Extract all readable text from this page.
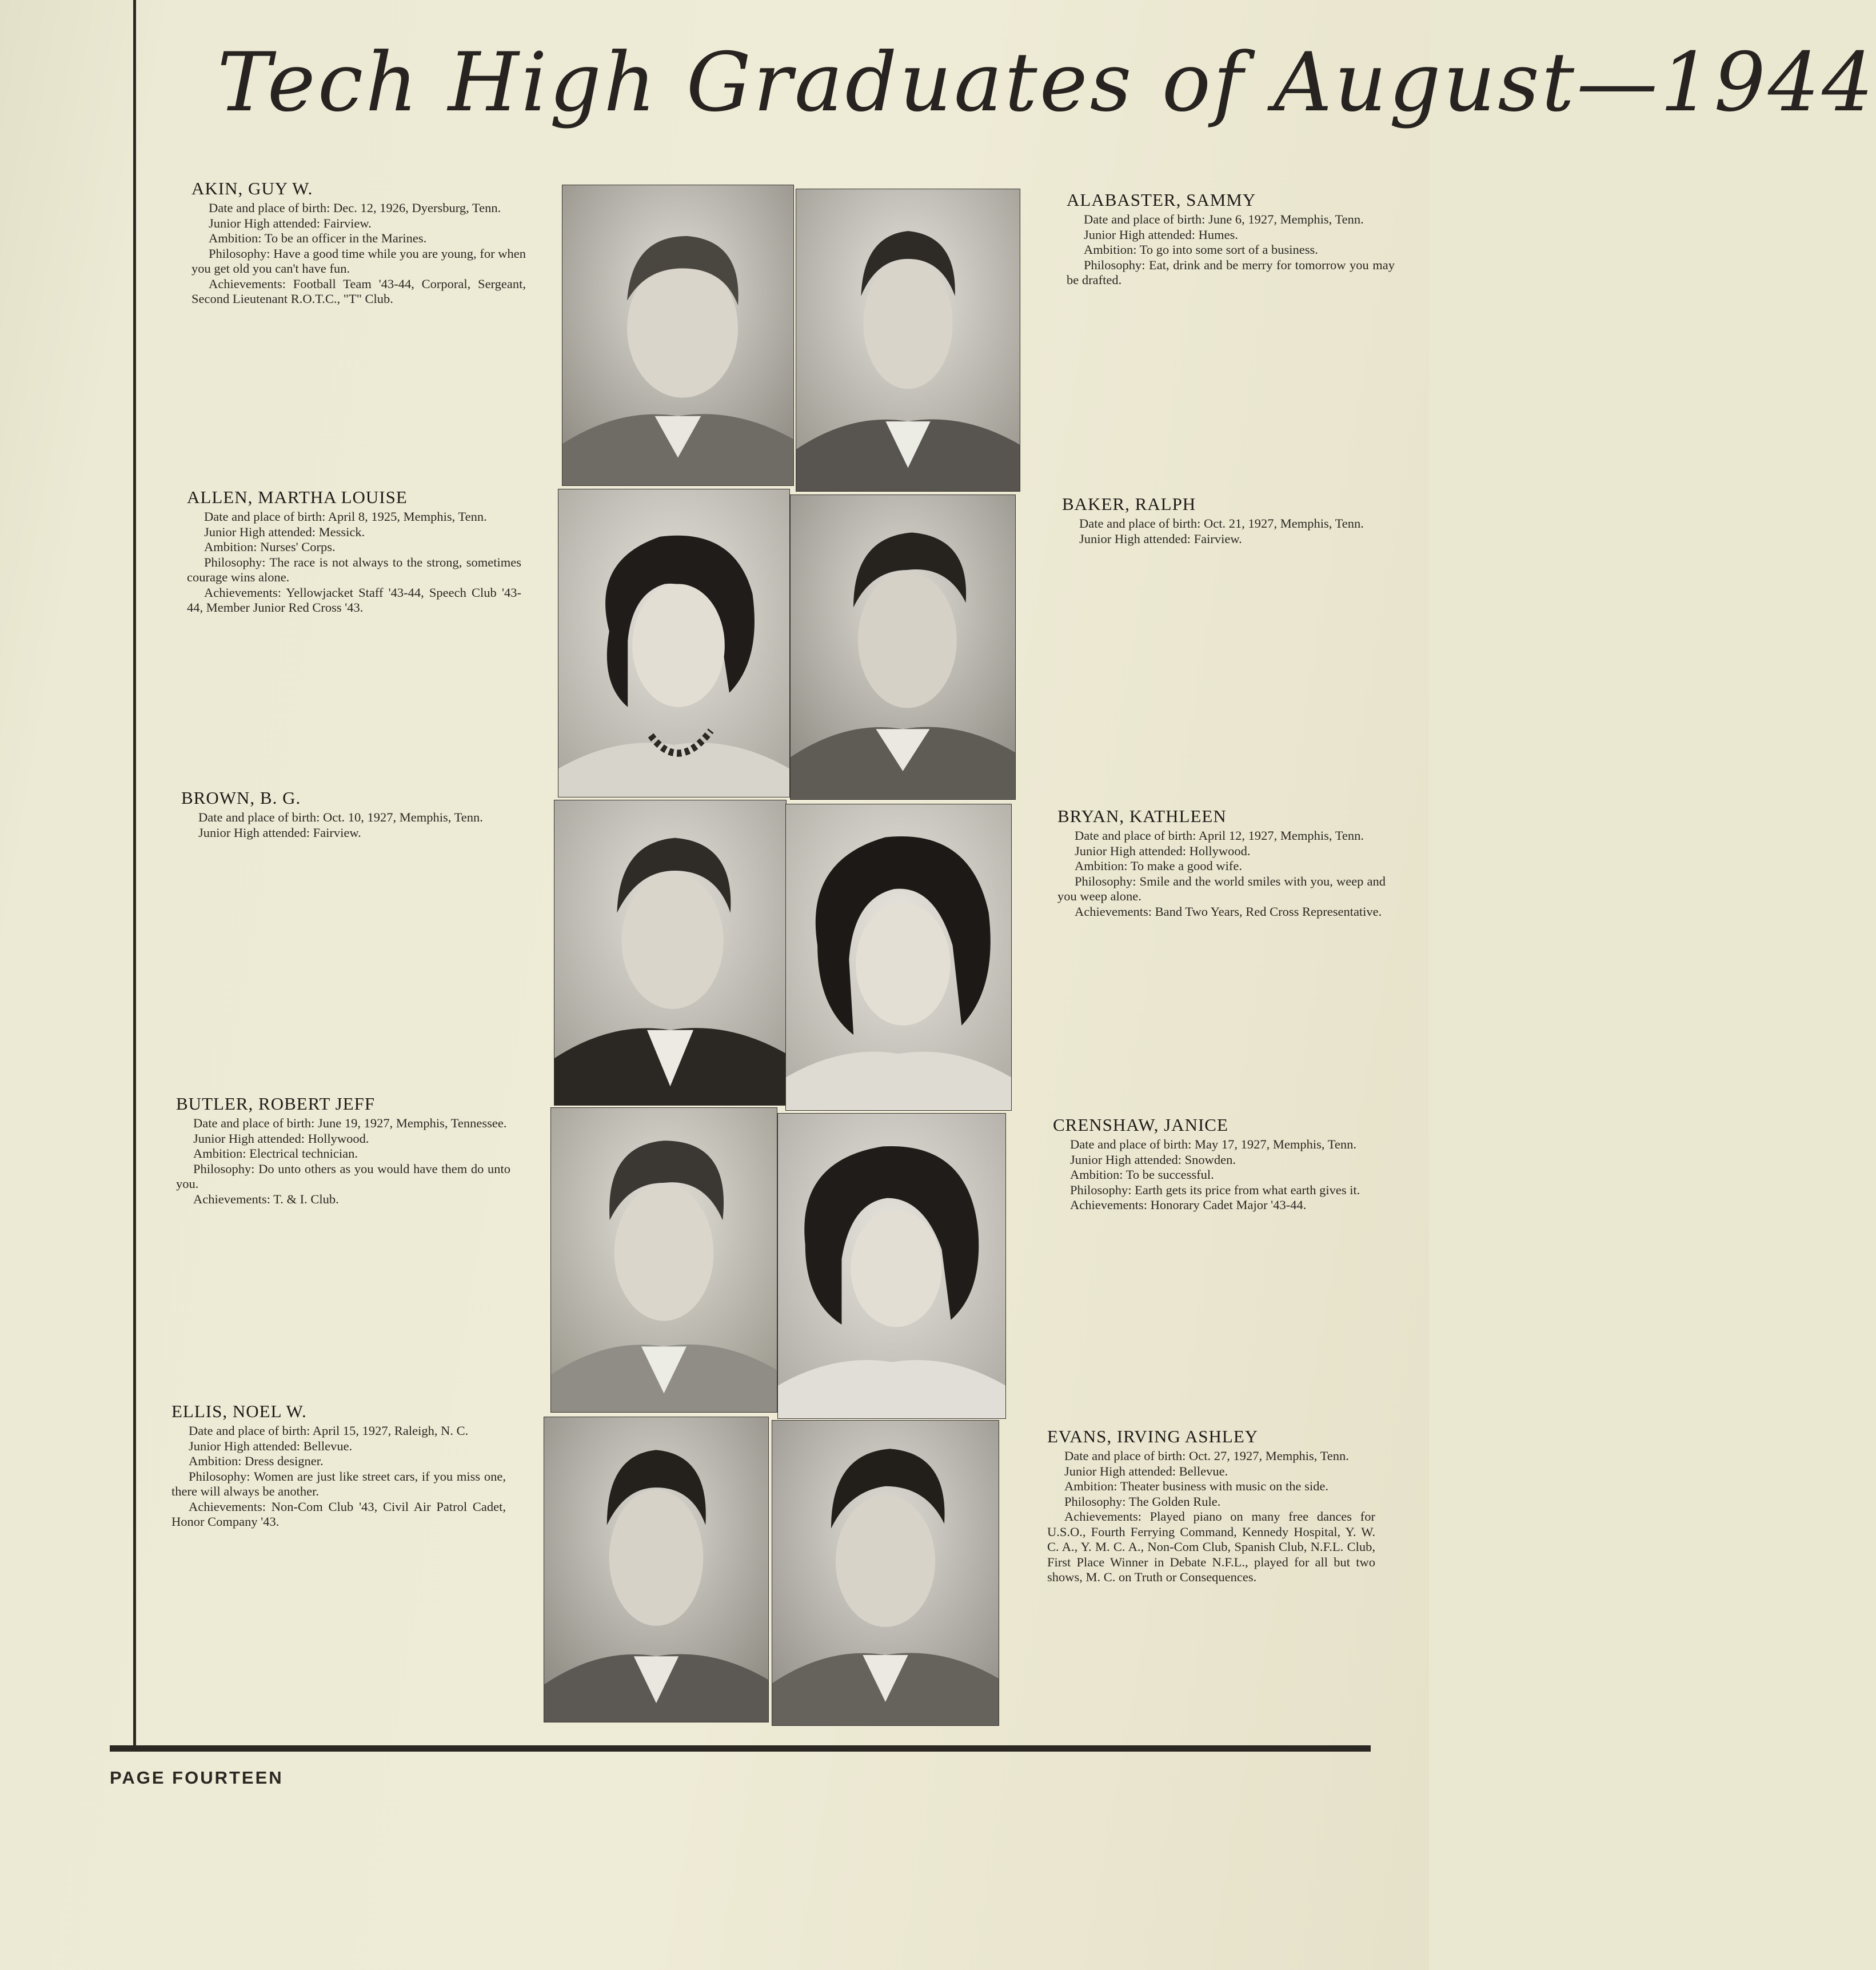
Tech High Graduates of August—1944
PAGE FOURTEEN
AKIN, GUY W.
Date and place of birth: Dec. 12, 1926, Dyersburg, Tenn.
Junior High attended: Fairview.
Ambition: To be an officer in the Marines.
Philosophy: Have a good time while you are young, for when you get old you can't have fun.
Achievements: Football Team '43-44, Corporal, Sergeant, Second Lieutenant R.O.T.C., "T" Club.
ALLEN, MARTHA LOUISE
Date and place of birth: April 8, 1925, Memphis, Tenn.
Junior High attended: Messick.
Ambition: Nurses' Corps.
Philosophy: The race is not always to the strong, sometimes courage wins alone.
Achievements: Yellowjacket Staff '43-44, Speech Club '43-44, Member Junior Red Cross '43.
BROWN, B. G.
Date and place of birth: Oct. 10, 1927, Memphis, Tenn.
Junior High attended: Fairview.
BUTLER, ROBERT JEFF
Date and place of birth: June 19, 1927, Memphis, Tennessee.
Junior High attended: Hollywood.
Ambition: Electrical technician.
Philosophy: Do unto others as you would have them do unto you.
Achievements: T. & I. Club.
ELLIS, NOEL W.
Date and place of birth: April 15, 1927, Raleigh, N. C.
Junior High attended: Bellevue.
Ambition: Dress designer.
Philosophy: Women are just like street cars, if you miss one, there will always be another.
Achievements: Non-Com Club '43, Civil Air Patrol Cadet, Honor Company '43.
ALABASTER, SAMMY
Date and place of birth: June 6, 1927, Memphis, Tenn.
Junior High attended: Humes.
Ambition: To go into some sort of a business.
Philosophy: Eat, drink and be merry for tomorrow you may be drafted.
BAKER, RALPH
Date and place of birth: Oct. 21, 1927, Memphis, Tenn.
Junior High attended: Fairview.
BRYAN, KATHLEEN
Date and place of birth: April 12, 1927, Memphis, Tenn.
Junior High attended: Hollywood.
Ambition: To make a good wife.
Philosophy: Smile and the world smiles with you, weep and you weep alone.
Achievements: Band Two Years, Red Cross Representative.
CRENSHAW, JANICE
Date and place of birth: May 17, 1927, Memphis, Tenn.
Junior High attended: Snowden.
Ambition: To be successful.
Philosophy: Earth gets its price from what earth gives it.
Achievements: Honorary Cadet Major '43-44.
EVANS, IRVING ASHLEY
Date and place of birth: Oct. 27, 1927, Memphis, Tenn.
Junior High attended: Bellevue.
Ambition: Theater business with music on the side.
Philosophy: The Golden Rule.
Achievements: Played piano on many free dances for U.S.O., Fourth Ferrying Command, Kennedy Hospital, Y. W. C. A., Y. M. C. A., Non-Com Club, Spanish Club, N.F.L. Club, First Place Winner in Debate N.F.L., played for all but two shows, M. C. on Truth or Consequences.
